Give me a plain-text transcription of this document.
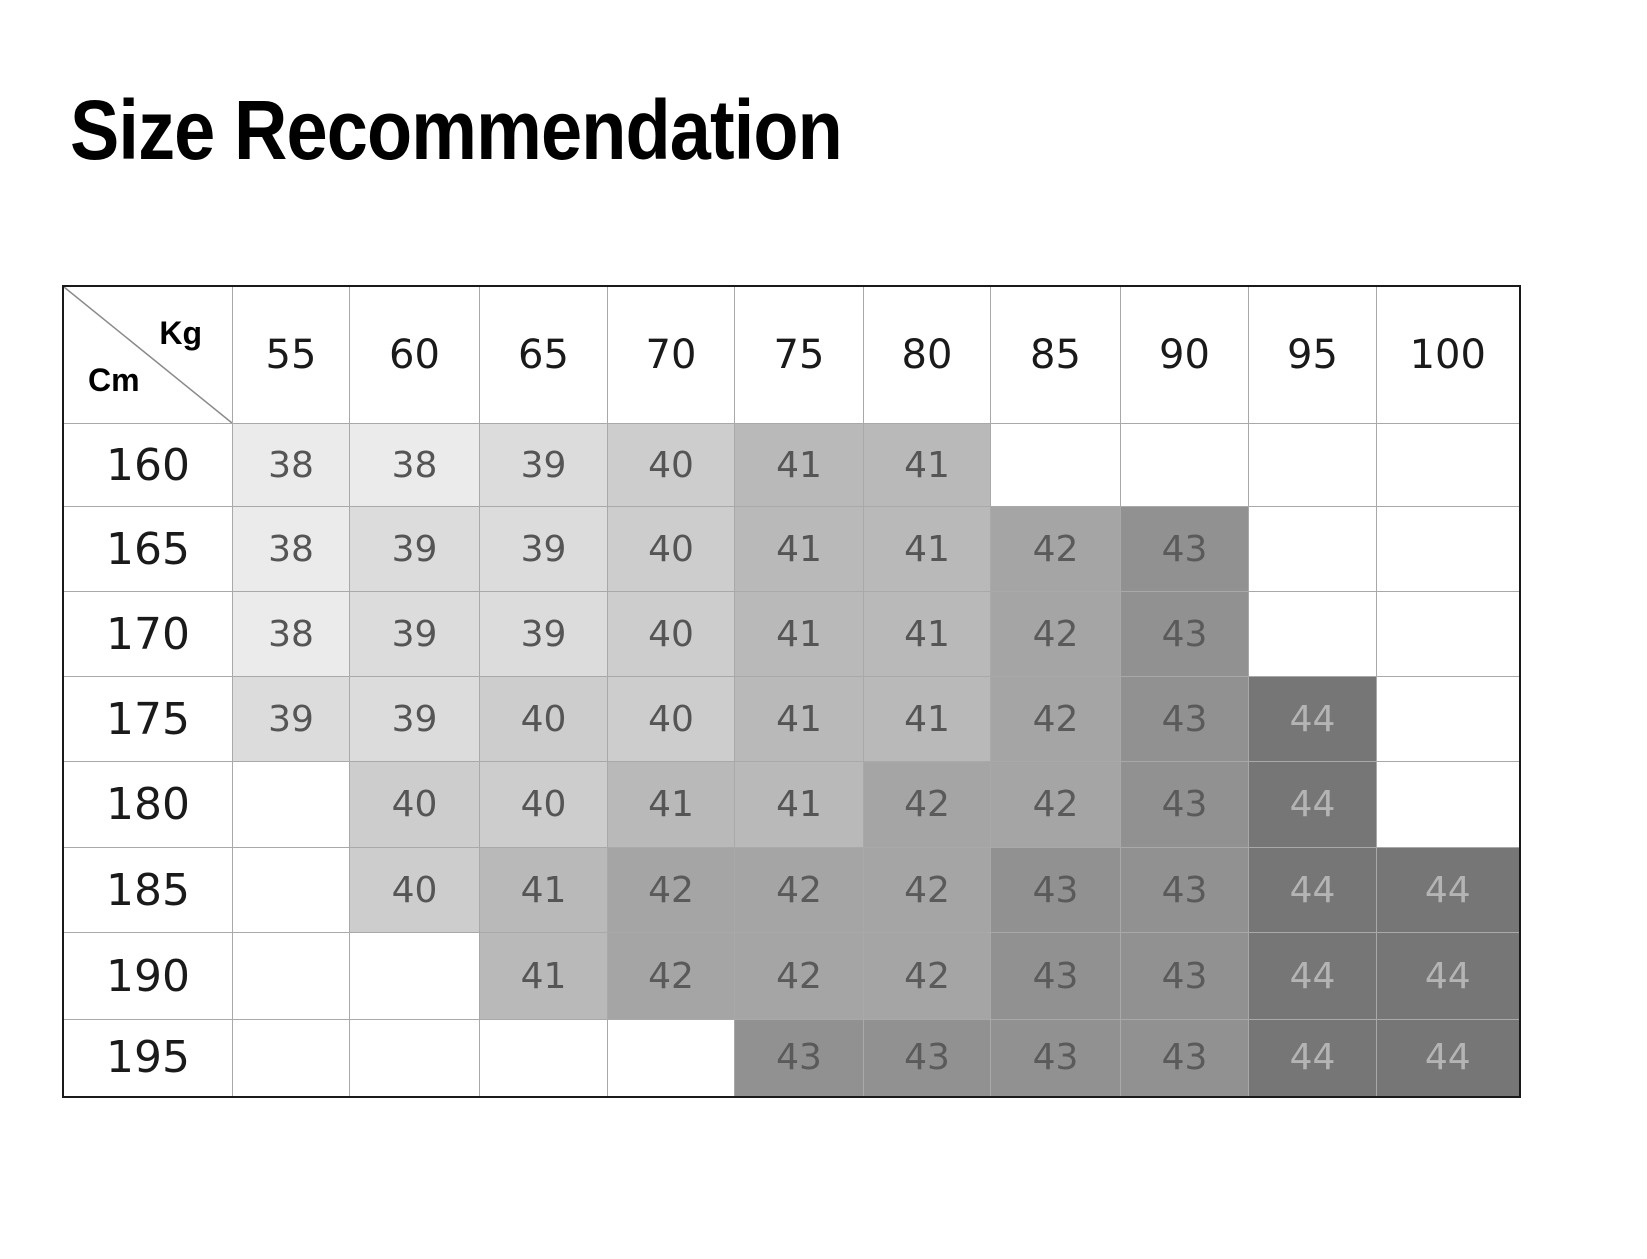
Size Recommendation
Kg
Cm	55	60	65	70	75	80	85	90	95	100
160	38	38	39	40	41	41				
165	38	39	39	40	41	41	42	43		
170	38	39	39	40	41	41	42	43		
175	39	39	40	40	41	41	42	43	44	
180		40	40	41	41	42	42	43	44	
185		40	41	42	42	42	43	43	44	44
190			41	42	42	42	43	43	44	44
195					43	43	43	43	44	44
